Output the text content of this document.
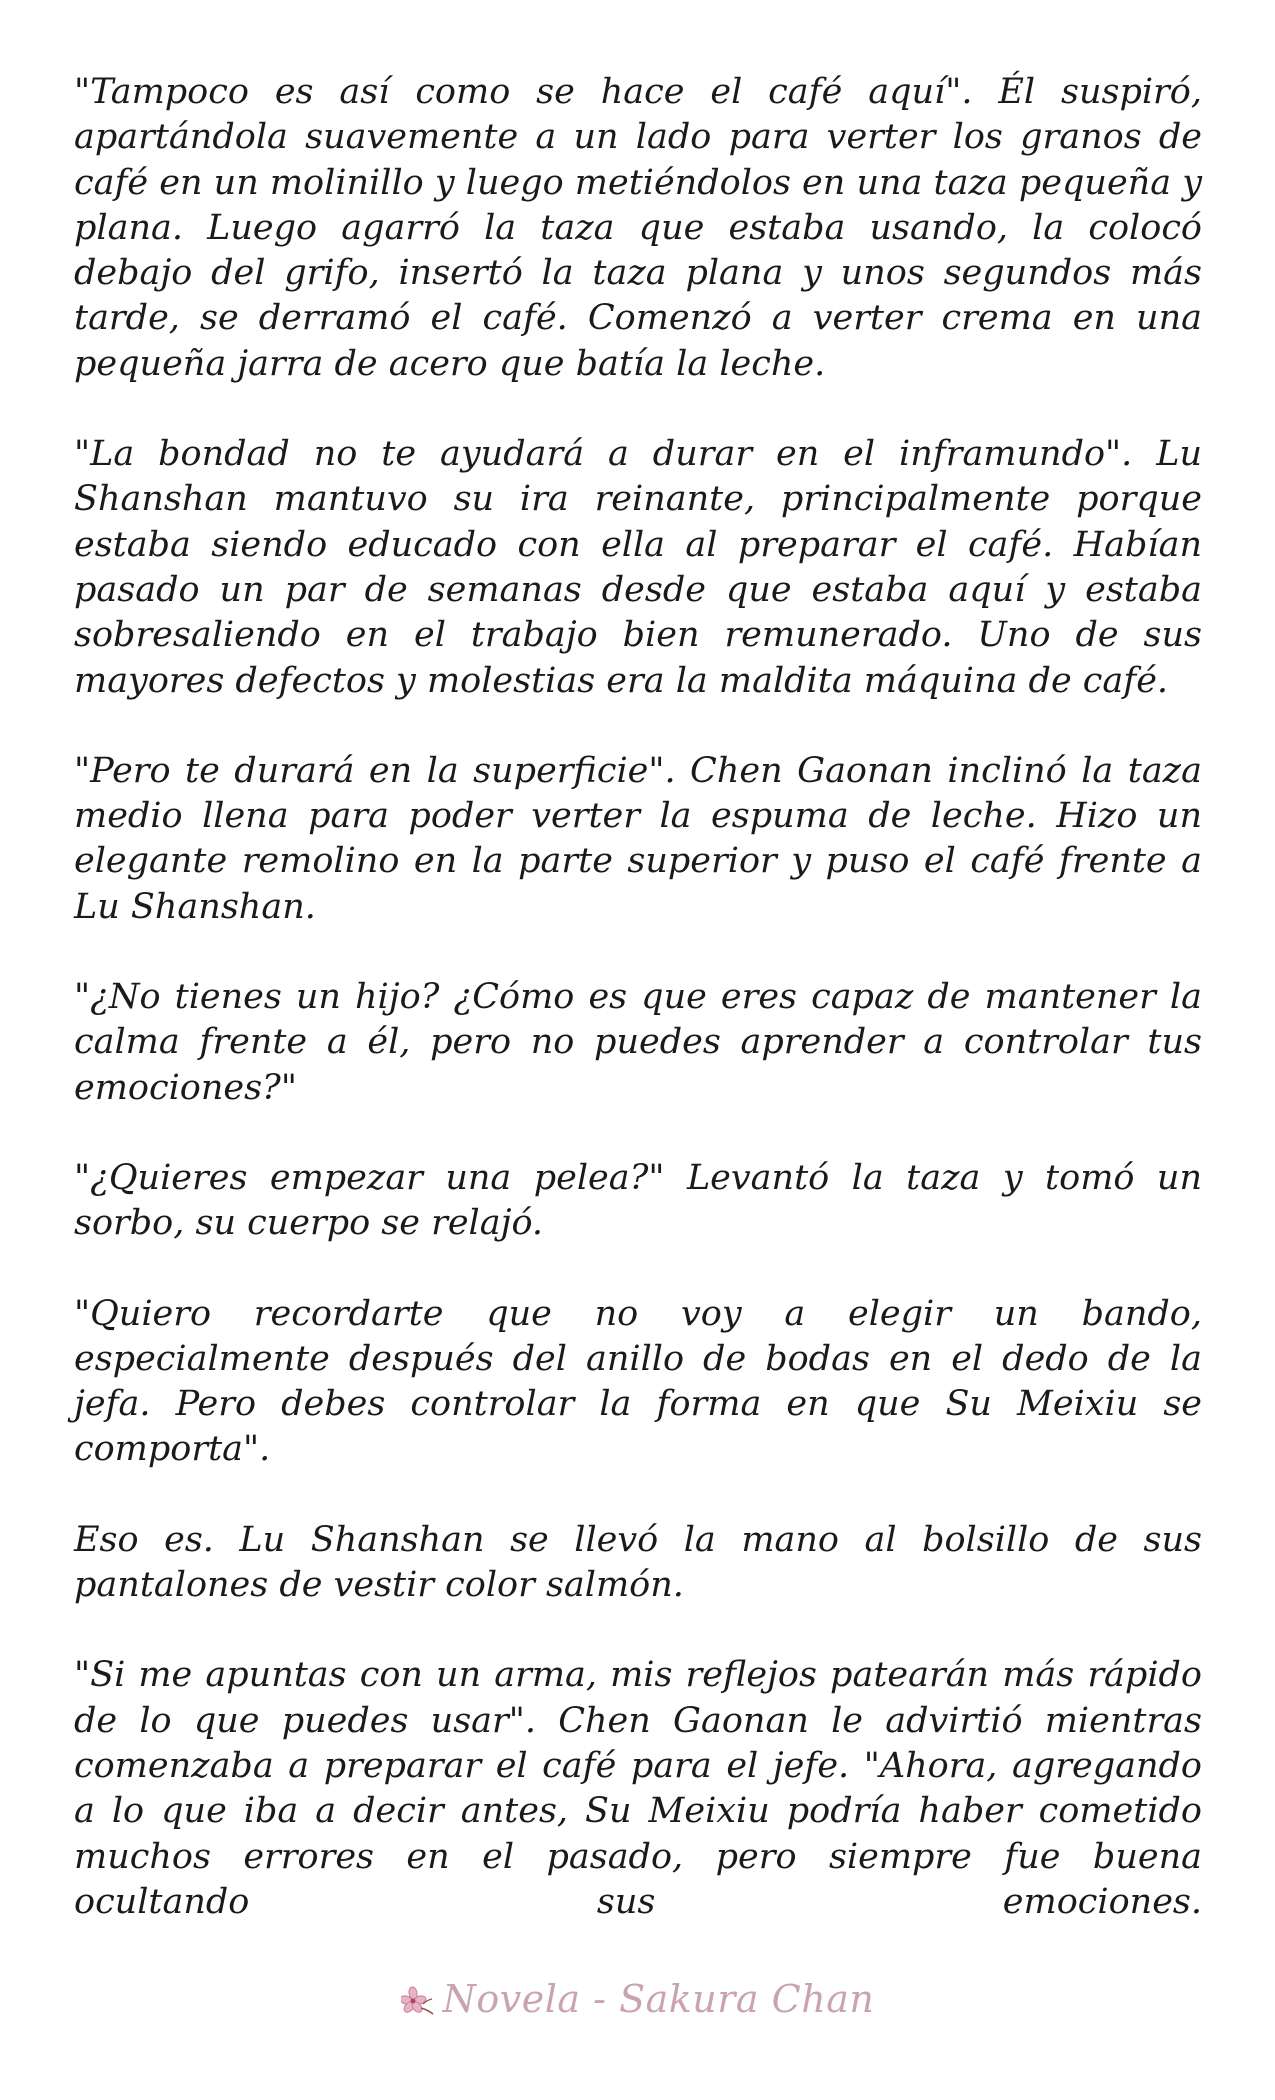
"Tampoco es así como se hace el café aquí". Él suspiró, apartándola suavemente a un lado para verter los granos de café en un molinillo y luego metiéndolos en una taza pequeña y plana. Luego agarró la taza que estaba usando, la colocó debajo del grifo, insertó la taza plana y unos segundos más tarde, se derramó el café. Comenzó a verter crema en una pequeña jarra de acero que batía la leche.

"La bondad no te ayudará a durar en el inframundo". Lu Shanshan mantuvo su ira reinante, principalmente porque estaba siendo educado con ella al preparar el café. Habían pasado un par de semanas desde que estaba aquí y estaba sobresaliendo en el trabajo bien remunerado. Uno de sus mayores defectos y molestias era la maldita máquina de café.

"Pero te durará en la superficie". Chen Gaonan inclinó la taza medio llena para poder verter la espuma de leche. Hizo un elegante remolino en la parte superior y puso el café frente a Lu Shanshan.

"¿No tienes un hijo? ¿Cómo es que eres capaz de mantener la calma frente a él, pero no puedes aprender a controlar tus emociones?"

"¿Quieres empezar una pelea?" Levantó la taza y tomó un sorbo, su cuerpo se relajó.

"Quiero recordarte que no voy a elegir un bando, especialmente después del anillo de bodas en el dedo de la jefa. Pero debes controlar la forma en que Su Meixiu se comporta".

Eso es. Lu Shanshan se llevó la mano al bolsillo de sus pantalones de vestir color salmón.

"Si me apuntas con un arma, mis reflejos patearán más rápido de lo que puedes usar". Chen Gaonan le advirtió mientras comenzaba a preparar el café para el jefe. "Ahora, agregando a lo que iba a decir antes, Su Meixiu podría haber cometido muchos errores en el pasado, pero siempre fue buena ocultando sus emociones.

Novela - Sakura Chan
